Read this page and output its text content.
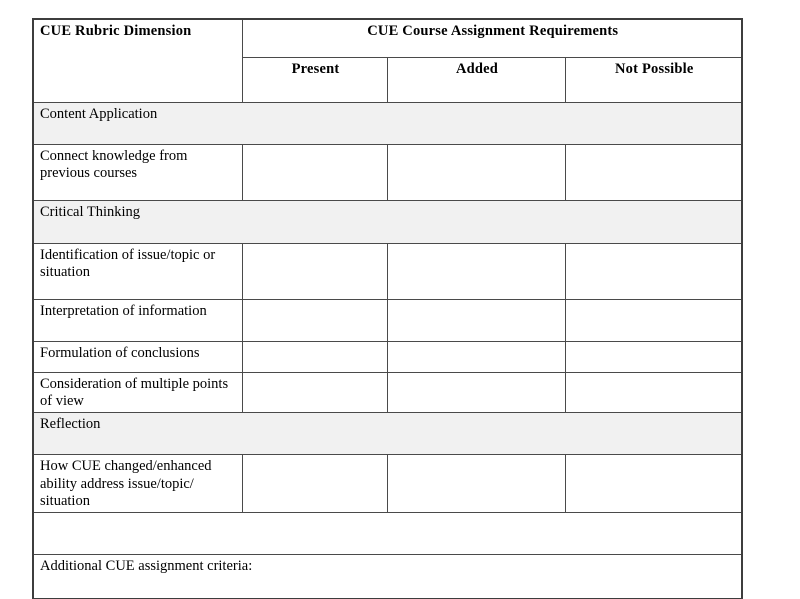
CUE Rubric Dimension	CUE Course Assignment Requirements		
	Present	Added	Not Possible
Content Application			
Connect knowledge from previous courses			
Critical Thinking			
Identification of issue/topic or situation			
Interpretation of information			
Formulation of conclusions			
Consideration of multiple points of view			
Reflection			
How CUE changed/enhanced ability address issue/topic/ situation			

Additional CUE assignment criteria:			
